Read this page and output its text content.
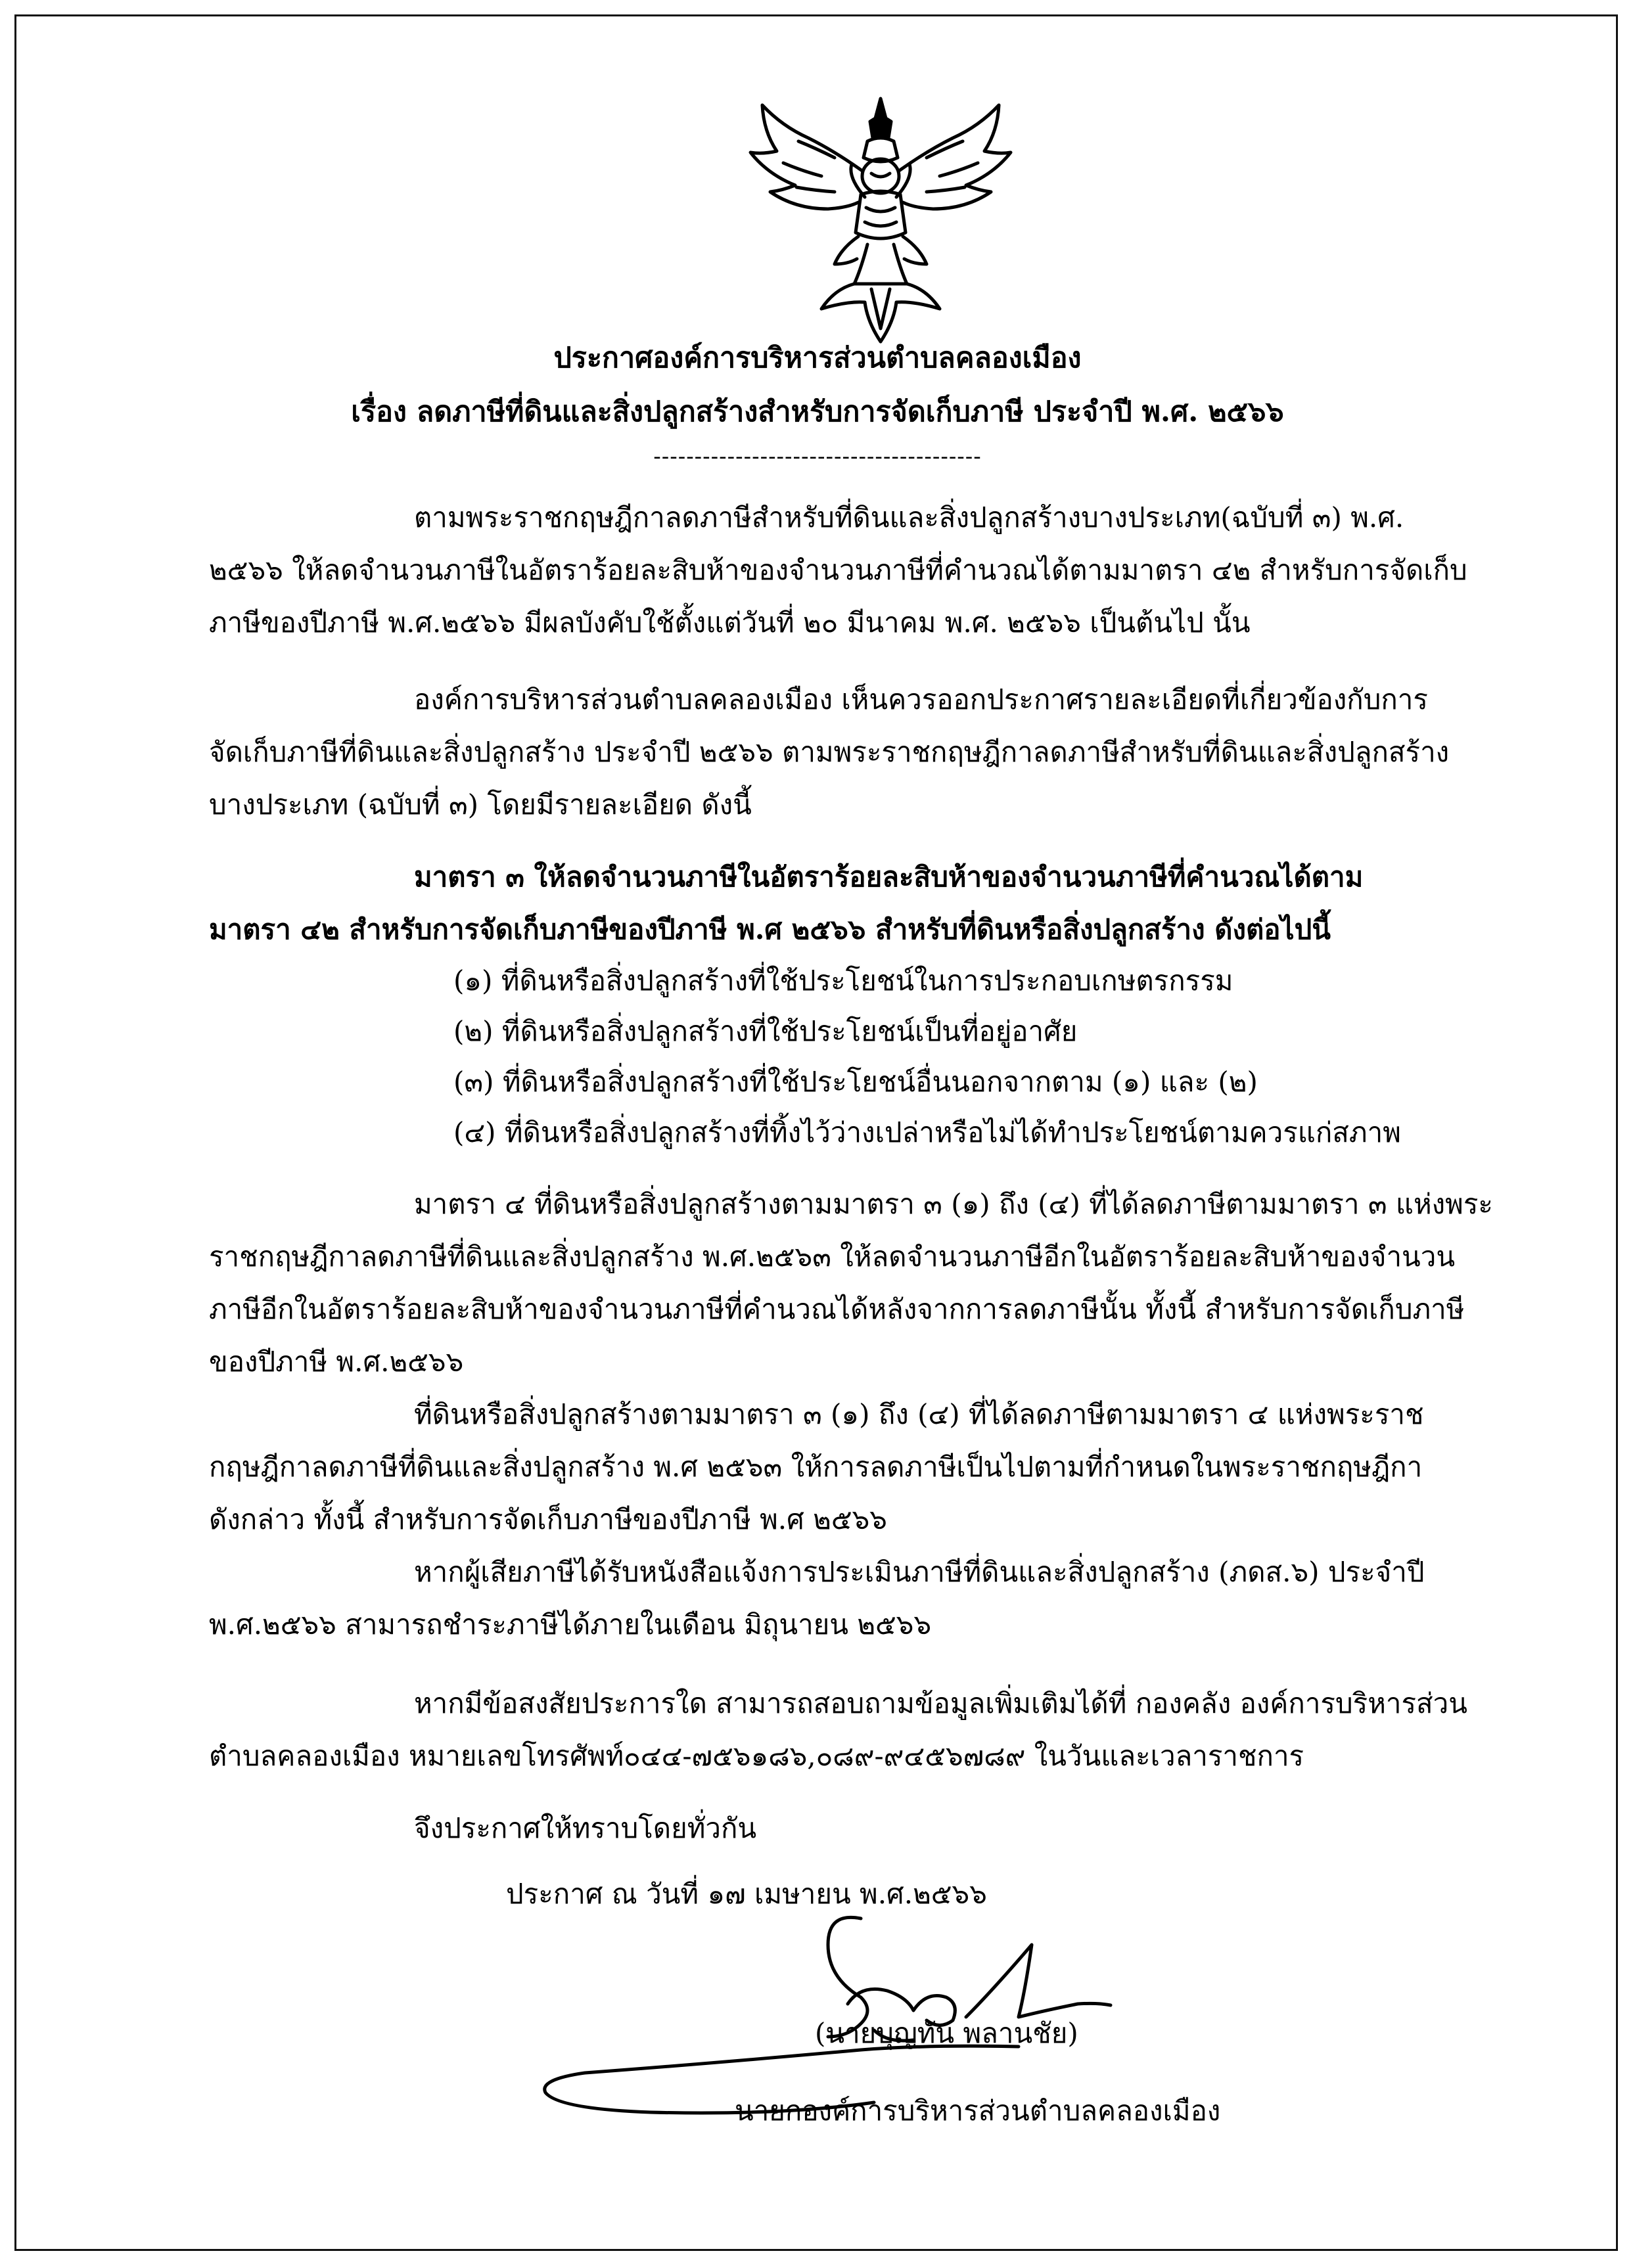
ประกาศองค์การบริหารส่วนตำบลคลองเมือง
เรื่อง ลดภาษีที่ดินและสิ่งปลูกสร้างสำหรับการจัดเก็บภาษี ประจำปี พ.ศ. ๒๕๖๖
----------------------------------------
ตามพระราชกฤษฎีกาลดภาษีสำหรับที่ดินและสิ่งปลูกสร้างบางประเภท(ฉบับที่ ๓) พ.ศ.
๒๕๖๖ ให้ลดจำนวนภาษีในอัตราร้อยละสิบห้าของจำนวนภาษีที่คำนวณได้ตามมาตรา ๔๒ สำหรับการจัดเก็บ
ภาษีของปีภาษี พ.ศ.๒๕๖๖ มีผลบังคับใช้ตั้งแต่วันที่ ๒๐ มีนาคม พ.ศ. ๒๕๖๖ เป็นต้นไป นั้น
องค์การบริหารส่วนตำบลคลองเมือง เห็นควรออกประกาศรายละเอียดที่เกี่ยวข้องกับการ
จัดเก็บภาษีที่ดินและสิ่งปลูกสร้าง ประจำปี ๒๕๖๖ ตามพระราชกฤษฎีกาลดภาษีสำหรับที่ดินและสิ่งปลูกสร้าง
บางประเภท (ฉบับที่ ๓) โดยมีรายละเอียด ดังนี้
มาตรา ๓ ให้ลดจำนวนภาษีในอัตราร้อยละสิบห้าของจำนวนภาษีที่คำนวณได้ตาม
มาตรา ๔๒ สำหรับการจัดเก็บภาษีของปีภาษี พ.ศ ๒๕๖๖ สำหรับที่ดินหรือสิ่งปลูกสร้าง ดังต่อไปนี้
(๑) ที่ดินหรือสิ่งปลูกสร้างที่ใช้ประโยชน์ในการประกอบเกษตรกรรม
(๒) ที่ดินหรือสิ่งปลูกสร้างที่ใช้ประโยชน์เป็นที่อยู่อาศัย
(๓) ที่ดินหรือสิ่งปลูกสร้างที่ใช้ประโยชน์อื่นนอกจากตาม (๑) และ (๒)
(๔) ที่ดินหรือสิ่งปลูกสร้างที่ทิ้งไว้ว่างเปล่าหรือไม่ได้ทำประโยชน์ตามควรแก่สภาพ
มาตรา ๔ ที่ดินหรือสิ่งปลูกสร้างตามมาตรา ๓ (๑) ถึง (๔) ที่ได้ลดภาษีตามมาตรา ๓ แห่งพระ
ราชกฤษฎีกาลดภาษีที่ดินและสิ่งปลูกสร้าง พ.ศ.๒๕๖๓ ให้ลดจำนวนภาษีอีกในอัตราร้อยละสิบห้าของจำนวน
ภาษีอีกในอัตราร้อยละสิบห้าของจำนวนภาษีที่คำนวณได้หลังจากการลดภาษีนั้น ทั้งนี้ สำหรับการจัดเก็บภาษี
ของปีภาษี พ.ศ.๒๕๖๖
ที่ดินหรือสิ่งปลูกสร้างตามมาตรา ๓ (๑) ถึง (๔) ที่ได้ลดภาษีตามมาตรา ๔ แห่งพระราช
กฤษฎีกาลดภาษีที่ดินและสิ่งปลูกสร้าง พ.ศ ๒๕๖๓ ให้การลดภาษีเป็นไปตามที่กำหนดในพระราชกฤษฎีกา
ดังกล่าว ทั้งนี้ สำหรับการจัดเก็บภาษีของปีภาษี พ.ศ ๒๕๖๖
หากผู้เสียภาษีได้รับหนังสือแจ้งการประเมินภาษีที่ดินและสิ่งปลูกสร้าง (ภดส.๖) ประจำปี
พ.ศ.๒๕๖๖ สามารถชำระภาษีได้ภายในเดือน มิถุนายน ๒๕๖๖
หากมีข้อสงสัยประการใด สามารถสอบถามข้อมูลเพิ่มเติมได้ที่ กองคลัง องค์การบริหารส่วน
ตำบลคลองเมือง หมายเลขโทรศัพท์๐๔๔-๗๕๖๑๘๖,๐๘๙-๙๔๕๖๗๘๙ ในวันและเวลาราชการ
จึงประกาศให้ทราบโดยทั่วกัน
ประกาศ ณ วันที่ ๑๗ เมษายน พ.ศ.๒๕๖๖
(นายบุญทัน พลานชัย)
นายกองค์การบริหารส่วนตำบลคลองเมือง
